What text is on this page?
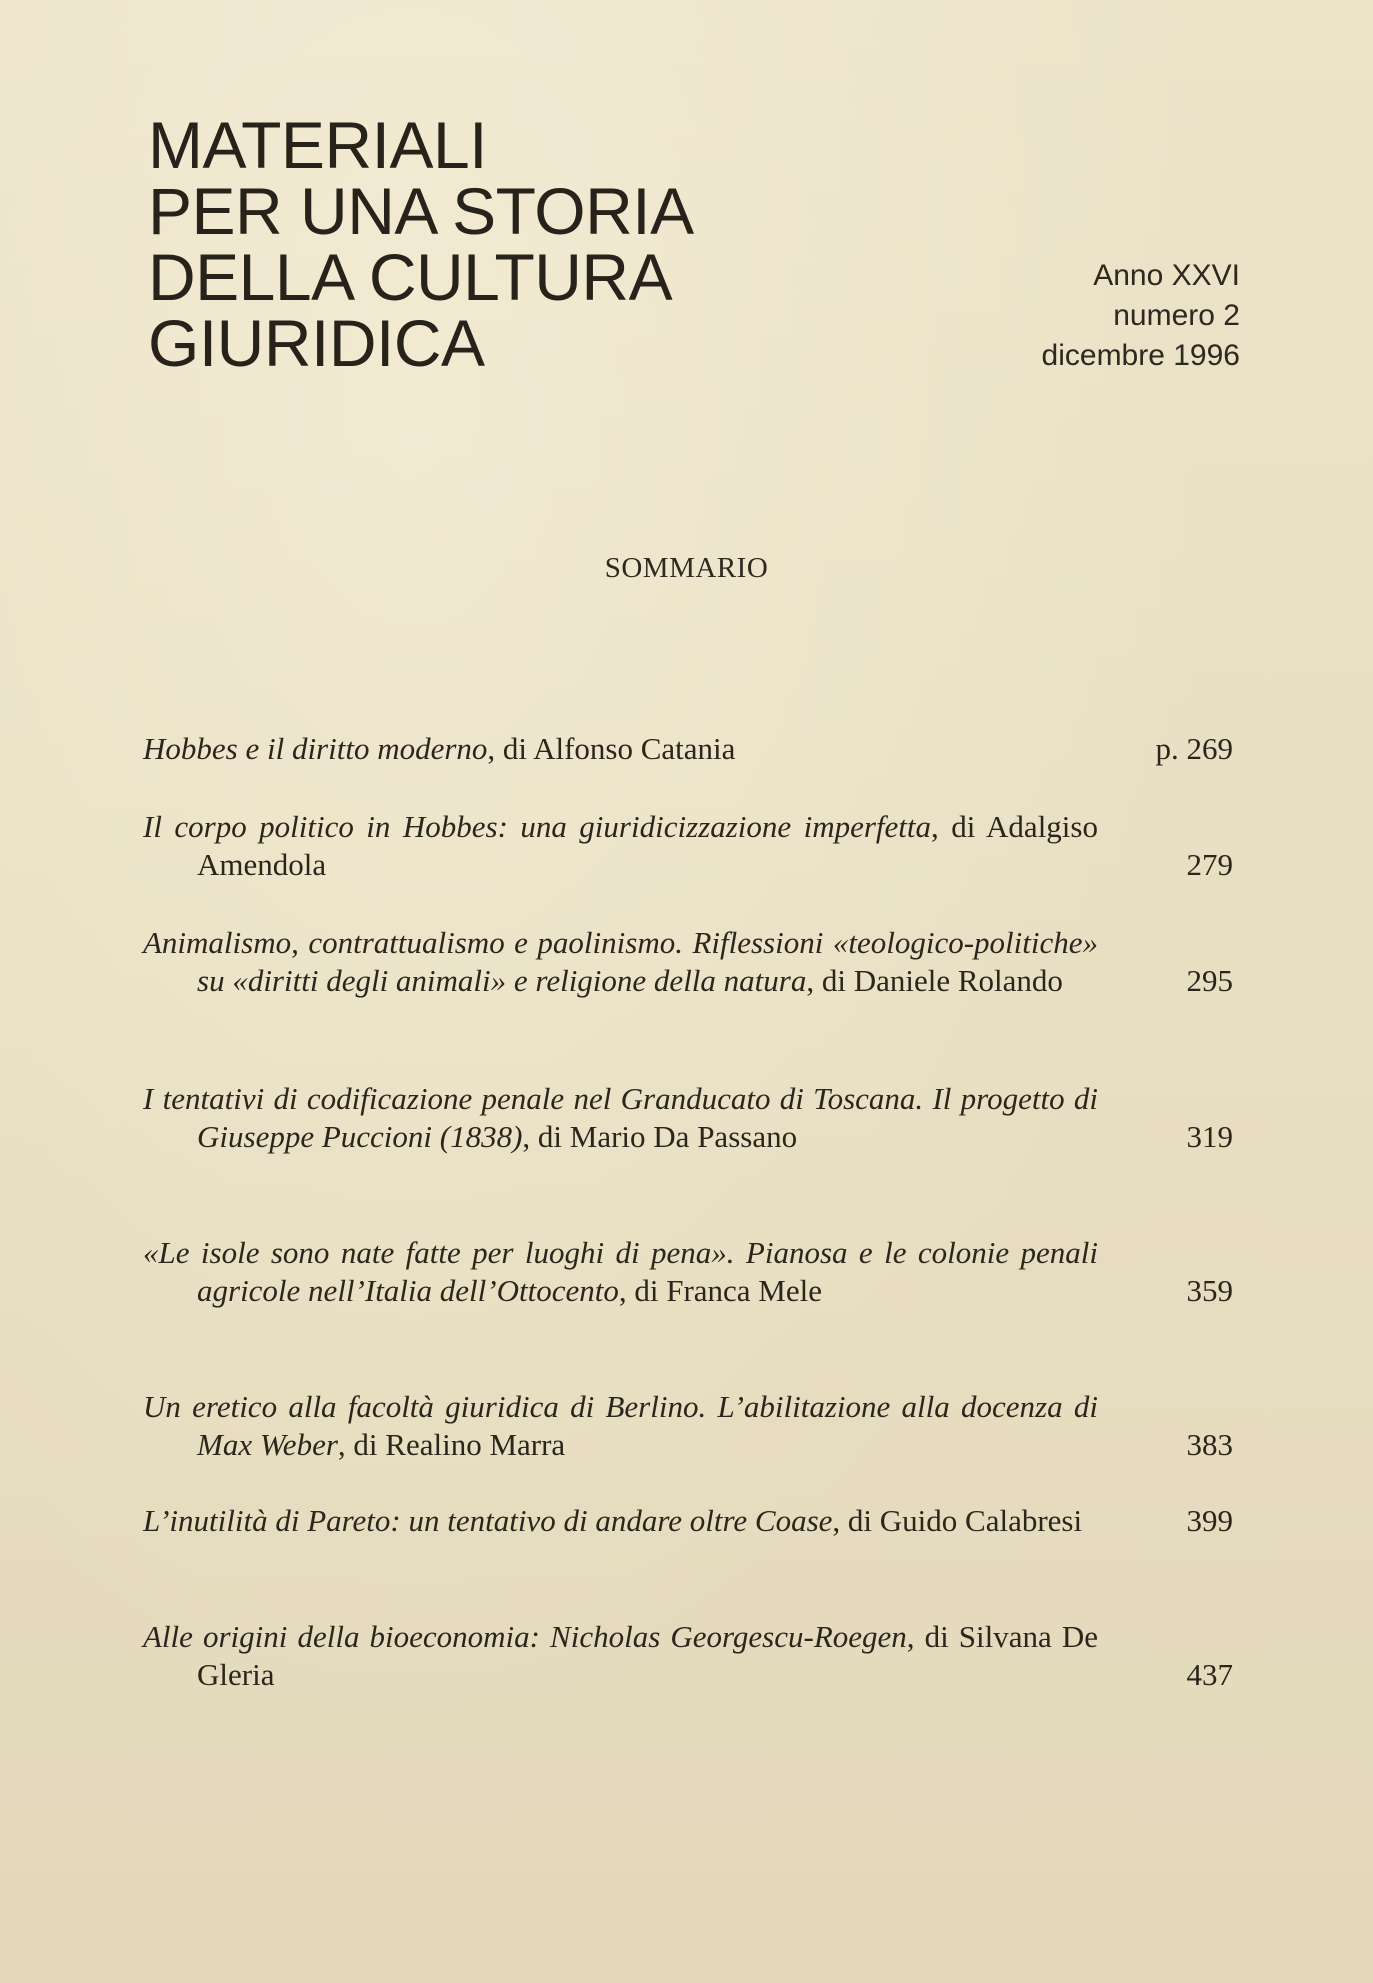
MATERIALI
PER UNA STORIA
DELLA CULTURA
GIURIDICA
Anno XXVI
numero 2
dicembre 1996
SOMMARIO
Hobbes e il diritto moderno, di Alfonso Catania	p. 269
Il corpo politico in Hobbes: una giuridicizzazione imperfetta, di Adalgiso Amendola	279
Animalismo, contrattualismo e paolinismo. Riflessioni «teologico-politiche» su «diritti degli animali» e religione della natura, di Daniele Rolando	295
I tentativi di codificazione penale nel Granducato di Toscana. Il progetto di Giuseppe Puccioni (1838), di Mario Da Passano	319
«Le isole sono nate fatte per luoghi di pena». Pianosa e le colonie penali agricole nell’Italia dell’Ottocento, di Franca Mele	359
Un eretico alla facoltà giuridica di Berlino. L’abilitazione alla docenza di Max Weber, di Realino Marra	383
L’inutilità di Pareto: un tentativo di andare oltre Coase, di Guido Calabresi	399
Alle origini della bioeconomia: Nicholas Georgescu-Roegen, di Silvana De Gleria	437
